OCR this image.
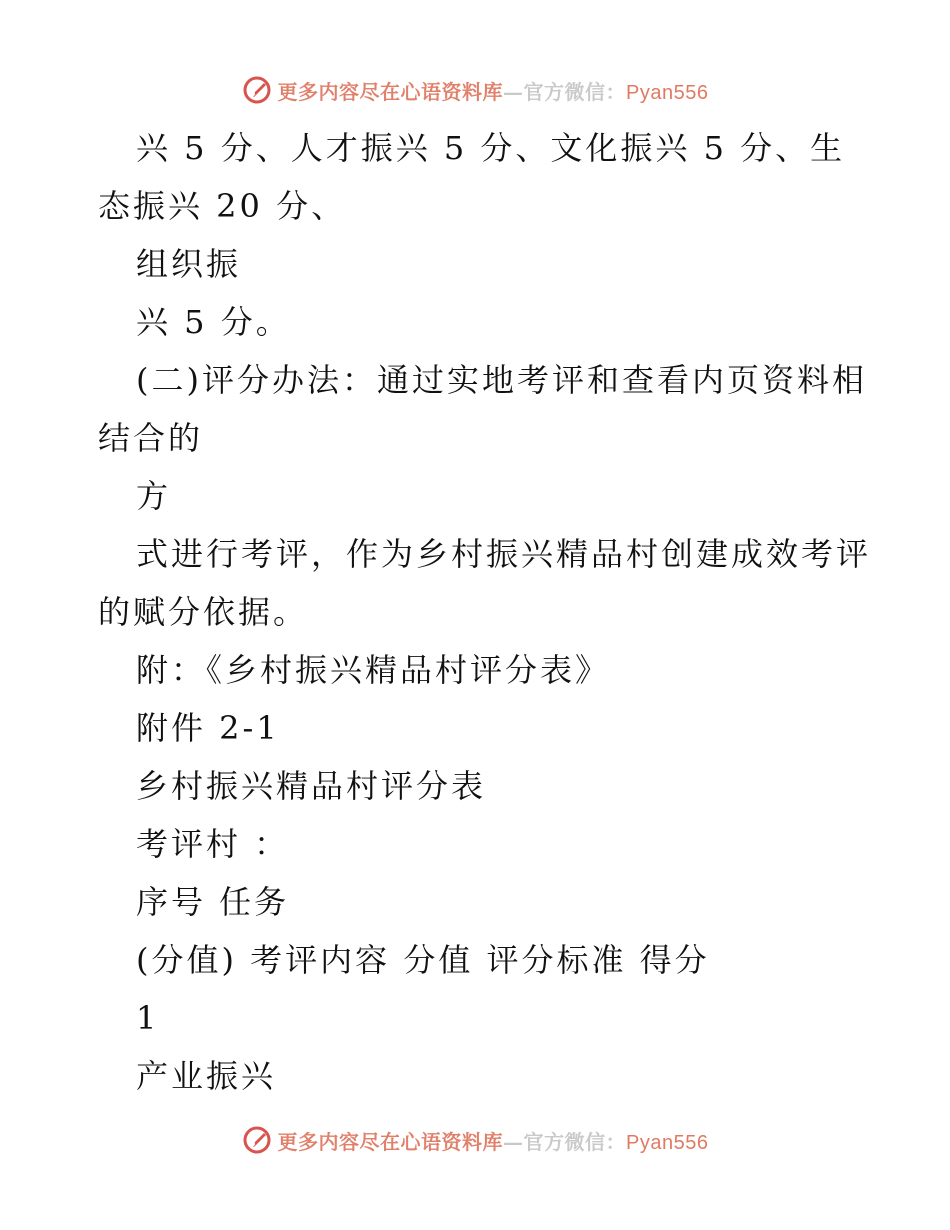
更多内容尽在心语资料库—官方微信：Pyan556
兴 5 分、人才振兴 5 分、文化振兴 5 分、生
态振兴 20 分、
组织振
兴 5 分。
(二)评分办法：通过实地考评和查看内页资料相
结合的
方
式进行考评，作为乡村振兴精品村创建成效考评
的赋分依据。
附：《乡村振兴精品村评分表》
附件 2-1
乡村振兴精品村评分表
考评村 ：
序号 任务
(分值) 考评内容 分值 评分标准 得分
1
产业振兴
更多内容尽在心语资料库—官方微信：Pyan556
